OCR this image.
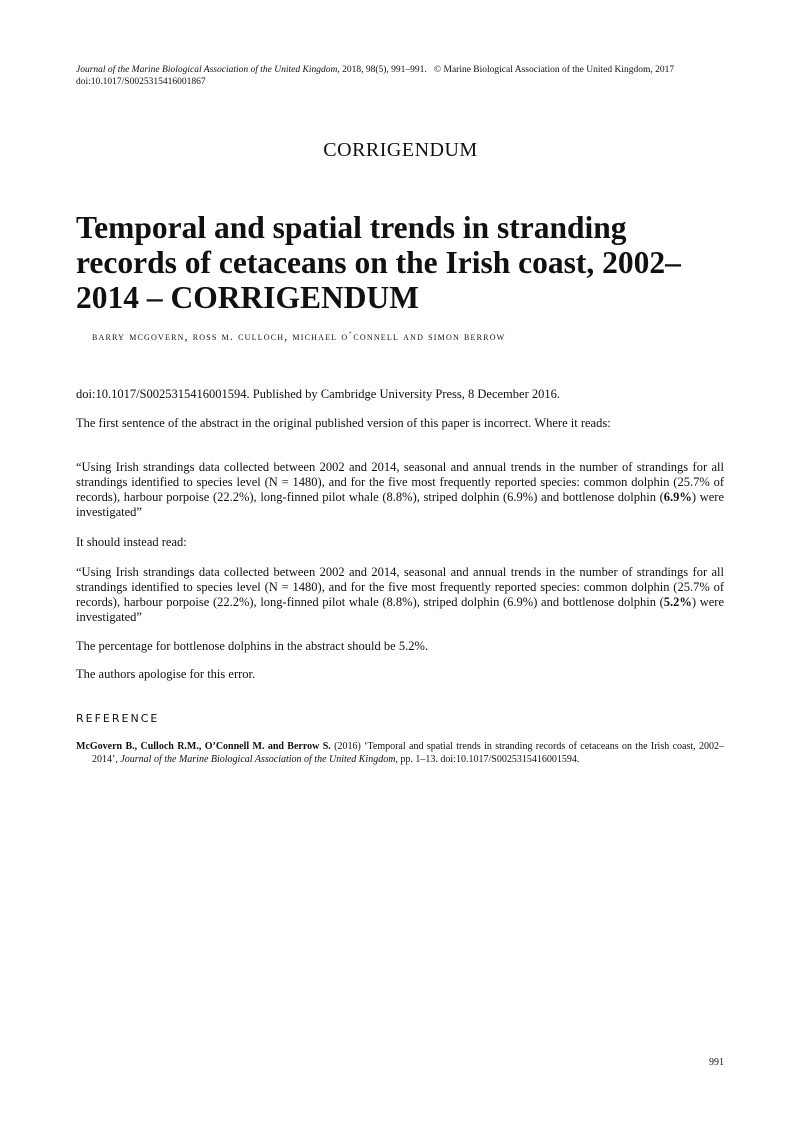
Journal of the Marine Biological Association of the United Kingdom, 2018, 98(5), 991–991. © Marine Biological Association of the United Kingdom, 2017
doi:10.1017/S0025315416001867
CORRIGENDUM
Temporal and spatial trends in stranding records of cetaceans on the Irish coast, 2002–2014 – CORRIGENDUM
barry mcgovern, ross m. culloch, michael o´connell and simon berrow

doi:10.1017/S0025315416001594. Published by Cambridge University Press, 8 December 2016.

The first sentence of the abstract in the original published version of this paper is incorrect. Where it reads:

“Using Irish strandings data collected between 2002 and 2014, seasonal and annual trends in the number of strandings for all strandings identified to species level (N = 1480), and for the five most frequently reported species: common dolphin (25.7% of records), harbour porpoise (22.2%), long-finned pilot whale (8.8%), striped dolphin (6.9%) and bottlenose dolphin (6.9%) were investigated”

It should instead read:

“Using Irish strandings data collected between 2002 and 2014, seasonal and annual trends in the number of strandings for all strandings identified to species level (N = 1480), and for the five most frequently reported species: common dolphin (25.7% of records), harbour porpoise (22.2%), long-finned pilot whale (8.8%), striped dolphin (6.9%) and bottlenose dolphin (5.2%) were investigated”

The percentage for bottlenose dolphins in the abstract should be 5.2%.

The authors apologise for this error.

REFERENCE
McGovern B., Culloch R.M., O’Connell M. and Berrow S. (2016) ‘Temporal and spatial trends in stranding records of cetaceans on the Irish coast, 2002–2014’, Journal of the Marine Biological Association of the United Kingdom, pp. 1–13. doi:10.1017/S0025315416001594.
991
